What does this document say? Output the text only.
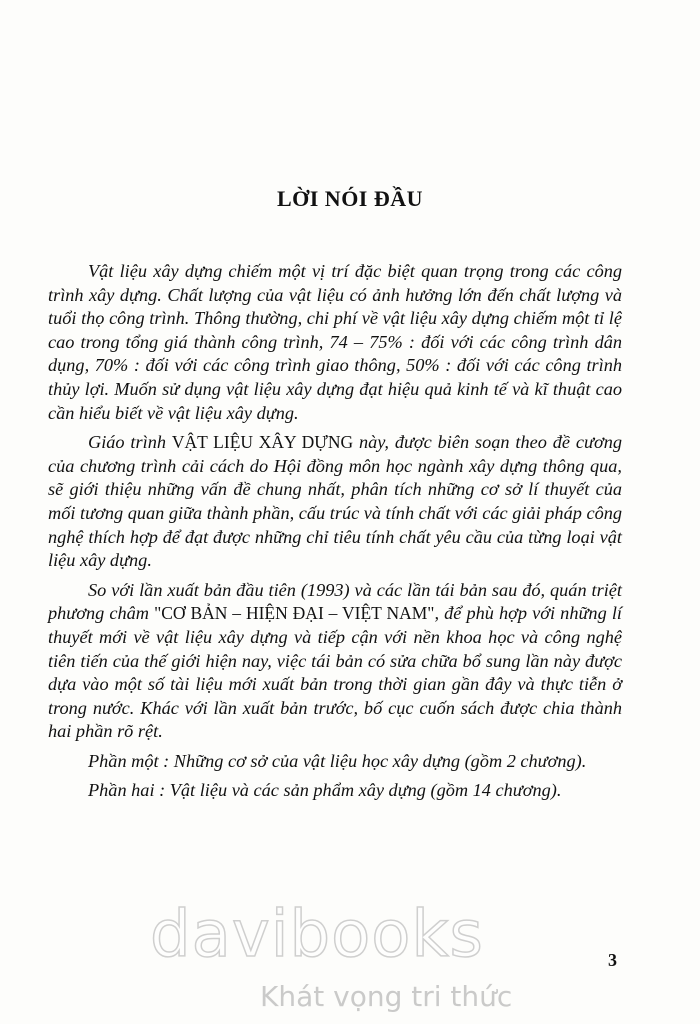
LỜI NÓI ĐẦU

Vật liệu xây dựng chiếm một vị trí đặc biệt quan trọng trong các công trình xây dựng. Chất lượng của vật liệu có ảnh hưởng lớn đến chất lượng và tuổi thọ công trình. Thông thường, chi phí về vật liệu xây dựng chiếm một tỉ lệ cao trong tổng giá thành công trình, 74 – 75% : đối với các công trình dân dụng, 70% : đối với các công trình giao thông, 50% : đối với các công trình thủy lợi. Muốn sử dụng vật liệu xây dựng đạt hiệu quả kinh tế và kĩ thuật cao cần hiểu biết về vật liệu xây dựng.

Giáo trình VẬT LIỆU XÂY DỰNG này, được biên soạn theo đề cương của chương trình cải cách do Hội đồng môn học ngành xây dựng thông qua, sẽ giới thiệu những vấn đề chung nhất, phân tích những cơ sở lí thuyết của mối tương quan giữa thành phần, cấu trúc và tính chất với các giải pháp công nghệ thích hợp để đạt được những chỉ tiêu tính chất yêu cầu của từng loại vật liệu xây dựng.

So với lần xuất bản đầu tiên (1993) và các lần tái bản sau đó, quán triệt phương châm "CƠ BẢN – HIỆN ĐẠI – VIỆT NAM", để phù hợp với những lí thuyết mới về vật liệu xây dựng và tiếp cận với nền khoa học và công nghệ tiên tiến của thế giới hiện nay, việc tái bản có sửa chữa bổ sung lần này được dựa vào một số tài liệu mới xuất bản trong thời gian gần đây và thực tiễn ở trong nước. Khác với lần xuất bản trước, bố cục cuốn sách được chia thành hai phần rõ rệt.

Phần một : Những cơ sở của vật liệu học xây dựng (gồm 2 chương).

Phần hai : Vật liệu và các sản phẩm xây dựng (gồm 14 chương).

3
davibooks
Khát vọng tri thức
